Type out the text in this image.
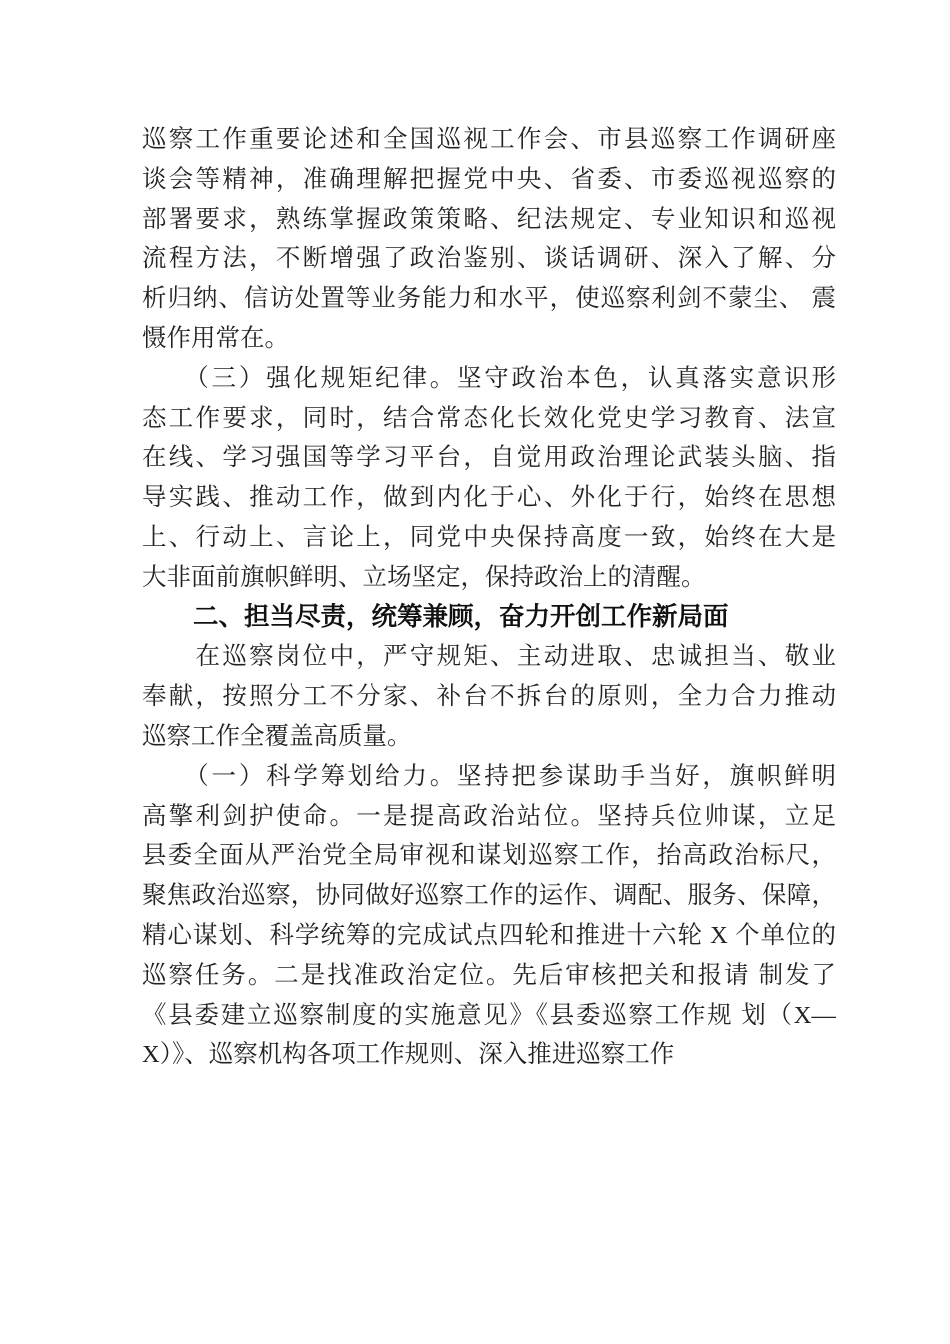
巡察工作重要论述和全国巡视工作会、市县巡察工作调研座
谈会等精神，准确理解把握党中央、省委、市委巡视巡察的
部署要求，熟练掌握政策策略、纪法规定、专业知识和巡视
流程方法，不断增强了政治鉴别、谈话调研、深入了解、分
析归纳、信访处置等业务能力和水平，使巡察利剑不蒙尘、 震
慑作用常在。
　　（三）强化规矩纪律。坚守政治本色，认真落实意识形
态工作要求，同时，结合常态化长效化党史学习教育、法宣
在线、学习强国等学习平台，自觉用政治理论武装头脑、指
导实践、推动工作，做到内化于心、外化于行，始终在思想
上、行动上、言论上，同党中央保持高度一致，始终在大是
大非面前旗帜鲜明、立场坚定，保持政治上的清醒。
　　二、担当尽责，统筹兼顾，奋力开创工作新局面
　　在巡察岗位中，严守规矩、主动进取、忠诚担当、敬业
奉献，按照分工不分家、补台不拆台的原则，全力合力推动
巡察工作全覆盖高质量。
　　（一）科学筹划给力。坚持把参谋助手当好，旗帜鲜明
高擎利剑护使命。一是提高政治站位。坚持兵位帅谋，立足
县委全面从严治党全局审视和谋划巡察工作，抬高政治标尺，
聚焦政治巡察，协同做好巡察工作的运作、调配、服务、保障，
精心谋划、科学统筹的完成试点四轮和推进十六轮 X 个单位的
巡察任务。二是找准政治定位。先后审核把关和报请 制发了
《县委建立巡察制度的实施意见》《县委巡察工作规 划（X—
X）》、巡察机构各项工作规则、深入推进巡察工作
